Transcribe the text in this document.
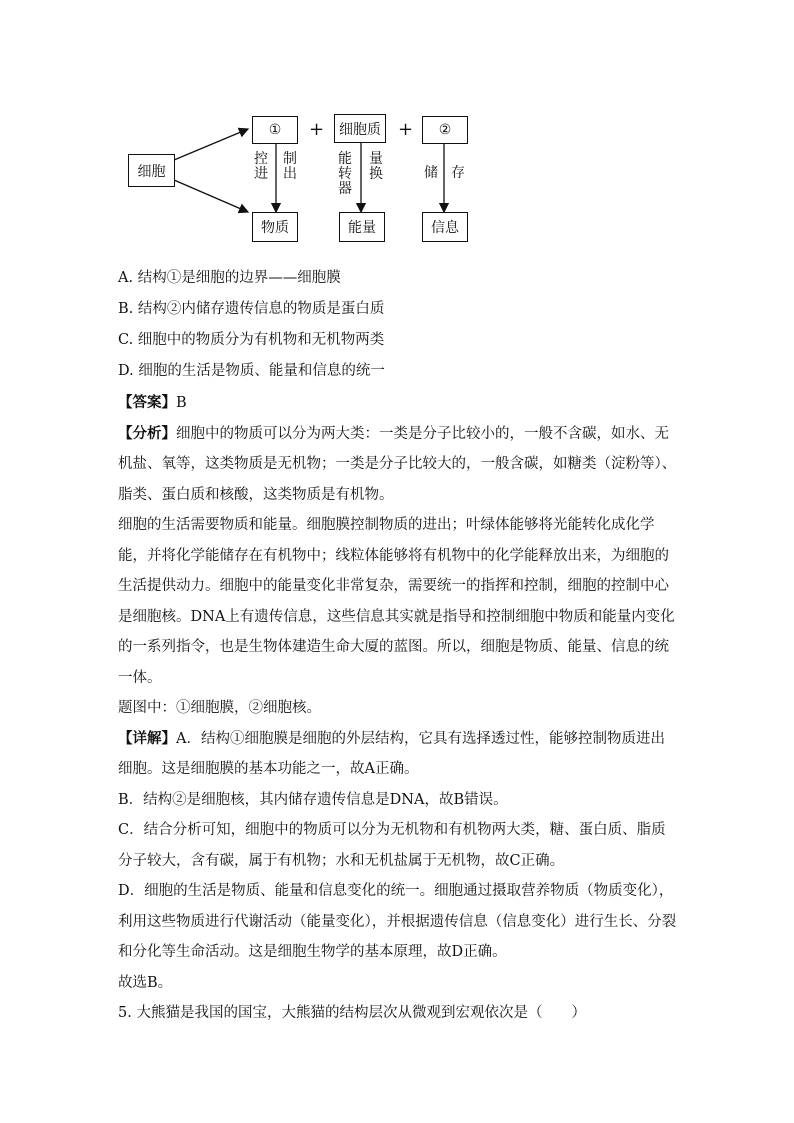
细胞
①	+	细胞质 +	②
控进
制出
能转器
量换	储 存
物质	能量	信息
A. 结构①是细胞的边界——细胞膜
B. 结构②内储存遗传信息的物质是蛋白质
C. 细胞中的物质分为有机物和无机物两类
D. 细胞的生活是物质、能量和信息的统一

【答案】B

【分析】细胞中的物质可以分为两大类：一类是分子比较小的，一般不含碳，如水、无机盐、氧等，这类物质是无机物；一类是分子比较大的，一般含碳，如糖类（淀粉等）、脂类、蛋白质和核酸，这类物质是有机物。

细胞的生活需要物质和能量。细胞膜控制物质的进出；叶绿体能够将光能转化成化学能，并将化学能储存在有机物中；线粒体能够将有机物中的化学能释放出来，为细胞的生活提供动力。细胞中的能量变化非常复杂，需要统一的指挥和控制，细胞的控制中心是细胞核。DNA上有遗传信息，这些信息其实就是指导和控制细胞中物质和能量内变化的一系列指令，也是生物体建造生命大厦的蓝图。所以，细胞是物质、能量、信息的统一体。

题图中：①细胞膜，②细胞核。

【详解】A．结构①细胞膜是细胞的外层结构，它具有选择透过性，能够控制物质进出细胞。这是细胞膜的基本功能之一，故A正确。

B．结构②是细胞核，其内储存遗传信息是DNA，故B错误。

C．结合分析可知，细胞中的物质可以分为无机物和有机物两大类，糖、蛋白质、脂质分子较大，含有碳，属于有机物；水和无机盐属于无机物，故C正确。

D．细胞的生活是物质、能量和信息变化的统一。细胞通过摄取营养物质（物质变化），利用这些物质进行代谢活动（能量变化），并根据遗传信息（信息变化）进行生长、分裂和分化等生命活动。这是细胞生物学的基本原理，故D正确。

故选B。

5. 大熊猫是我国的国宝，大熊猫的结构层次从微观到宏观依次是（　　）
